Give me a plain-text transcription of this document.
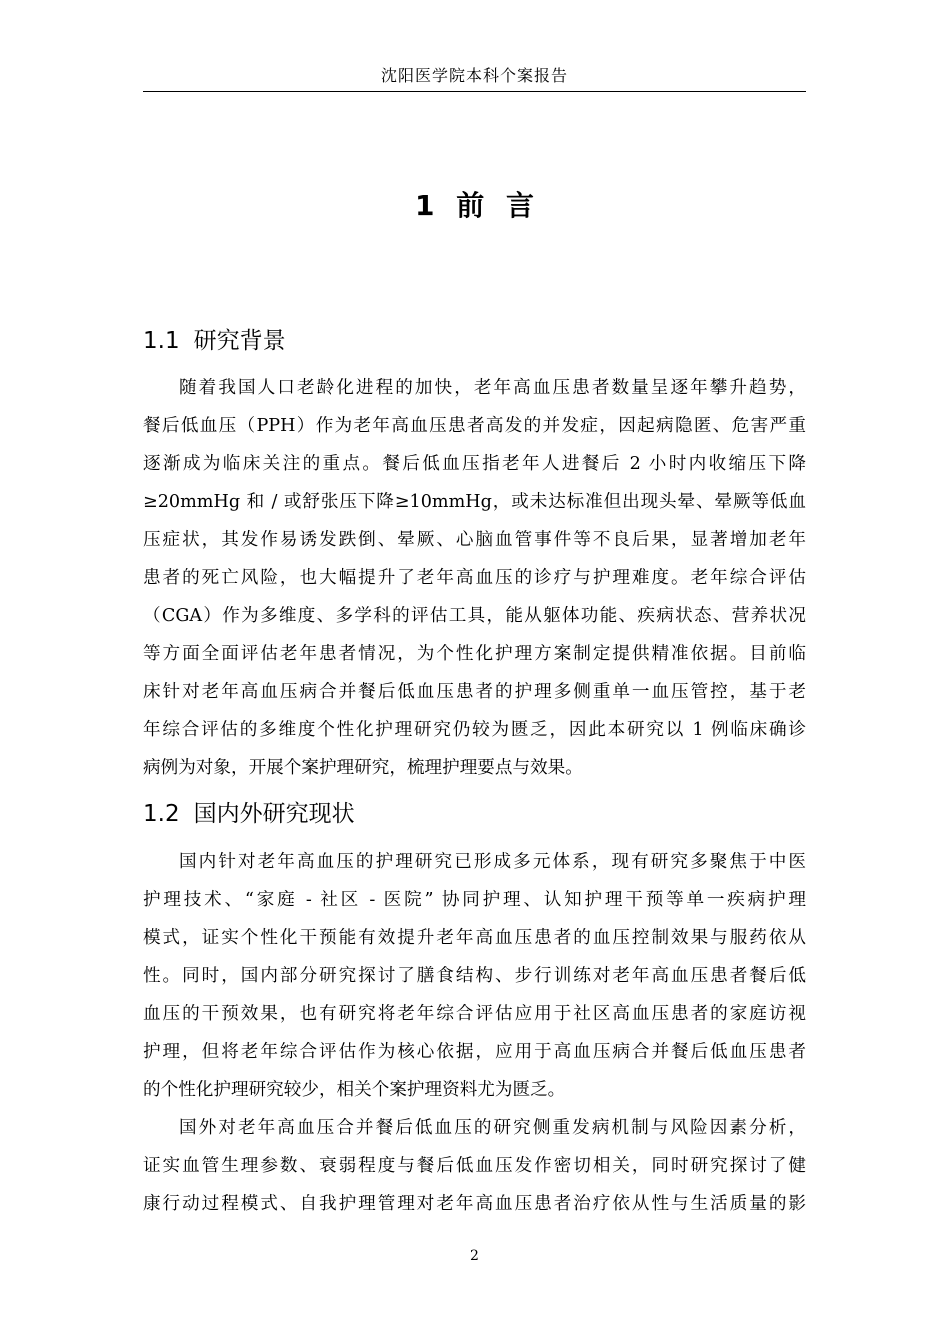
沈阳医学院本科个案报告
1 前 言
1.1 研究背景
随着我国人口老龄化进程的加快，老年高血压患者数量呈逐年攀升趋势，
餐后低血压（PPH）作为老年高血压患者高发的并发症，因起病隐匿、危害严重
逐渐成为临床关注的重点。餐后低血压指老年人进餐后 2 小时内收缩压下降
≥20mmHg 和 / 或舒张压下降≥10mmHg，或未达标准但出现头晕、晕厥等低血
压症状，其发作易诱发跌倒、晕厥、心脑血管事件等不良后果，显著增加老年
患者的死亡风险，也大幅提升了老年高血压的诊疗与护理难度。老年综合评估
（CGA）作为多维度、多学科的评估工具，能从躯体功能、疾病状态、营养状况
等方面全面评估老年患者情况，为个性化护理方案制定提供精准依据。目前临
床针对老年高血压病合并餐后低血压患者的护理多侧重单一血压管控，基于老
年综合评估的多维度个性化护理研究仍较为匮乏，因此本研究以 1 例临床确诊
病例为对象，开展个案护理研究，梳理护理要点与效果。
1.2 国内外研究现状
国内针对老年高血压的护理研究已形成多元体系，现有研究多聚焦于中医
护理技术、“家庭 - 社区 - 医院” 协同护理、认知护理干预等单一疾病护理
模式，证实个性化干预能有效提升老年高血压患者的血压控制效果与服药依从
性。同时，国内部分研究探讨了膳食结构、步行训练对老年高血压患者餐后低
血压的干预效果，也有研究将老年综合评估应用于社区高血压患者的家庭访视
护理，但将老年综合评估作为核心依据，应用于高血压病合并餐后低血压患者
的个性化护理研究较少，相关个案护理资料尤为匮乏。
国外对老年高血压合并餐后低血压的研究侧重发病机制与风险因素分析，
证实血管生理参数、衰弱程度与餐后低血压发作密切相关，同时研究探讨了健
康行动过程模式、自我护理管理对老年高血压患者治疗依从性与生活质量的影
2
